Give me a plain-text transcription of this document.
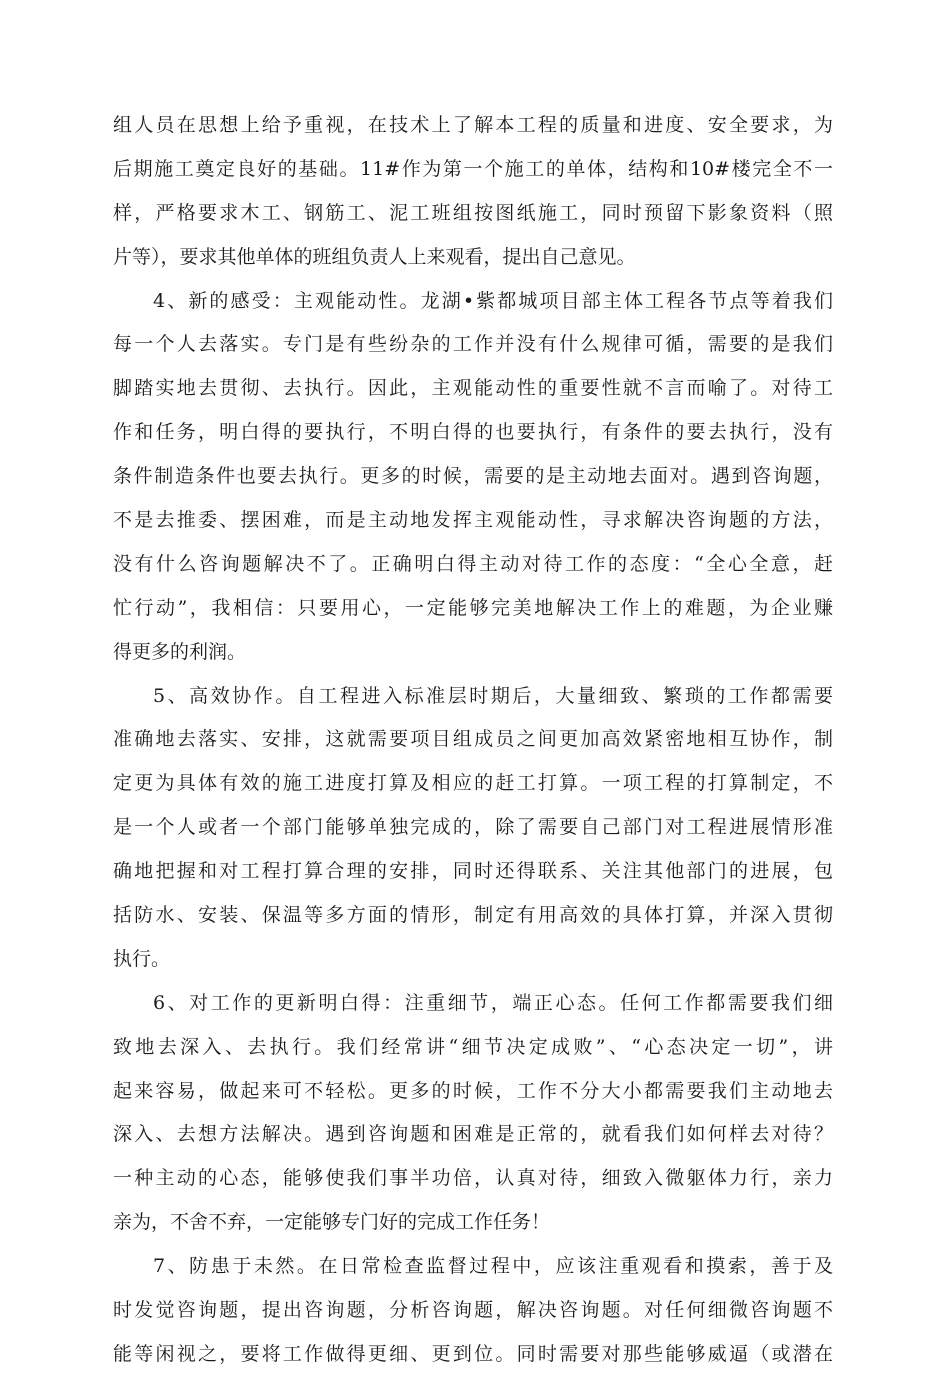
组人员在思想上给予重视，在技术上了解本工程的质量和进度、安全要求，为
后期施工奠定良好的基础。11#作为第一个施工的单体，结构和10#楼完全不一
样，严格要求木工、钢筋工、泥工班组按图纸施工，同时预留下影象资料（照
片等），要求其他单体的班组负责人上来观看，提出自己意见。
4、新的感受：主观能动性。龙湖•紫都城项目部主体工程各节点等着我们
每一个人去落实。专门是有些纷杂的工作并没有什么规律可循，需要的是我们
脚踏实地去贯彻、去执行。因此，主观能动性的重要性就不言而喻了。对待工
作和任务，明白得的要执行，不明白得的也要执行，有条件的要去执行，没有
条件制造条件也要去执行。更多的时候，需要的是主动地去面对。遇到咨询题，
不是去推委、摆困难，而是主动地发挥主观能动性，寻求解决咨询题的方法，
没有什么咨询题解决不了。正确明白得主动对待工作的态度：“全心全意，赶
忙行动”，我相信：只要用心，一定能够完美地解决工作上的难题，为企业赚
得更多的利润。
5、高效协作。自工程进入标准层时期后，大量细致、繁琐的工作都需要
准确地去落实、安排，这就需要项目组成员之间更加高效紧密地相互协作，制
定更为具体有效的施工进度打算及相应的赶工打算。一项工程的打算制定，不
是一个人或者一个部门能够单独完成的，除了需要自己部门对工程进展情形准
确地把握和对工程打算合理的安排，同时还得联系、关注其他部门的进展，包
括防水、安装、保温等多方面的情形，制定有用高效的具体打算，并深入贯彻
执行。
6、对工作的更新明白得：注重细节，端正心态。任何工作都需要我们细
致地去深入、去执行。我们经常讲“细节决定成败”、“心态决定一切”，讲
起来容易，做起来可不轻松。更多的时候，工作不分大小都需要我们主动地去
深入、去想方法解决。遇到咨询题和困难是正常的，就看我们如何样去对待？
一种主动的心态，能够使我们事半功倍，认真对待，细致入微躯体力行，亲力
亲为，不舍不弃，一定能够专门好的完成工作任务！
7、防患于未然。在日常检查监督过程中，应该注重观看和摸索，善于及
时发觉咨询题，提出咨询题，分析咨询题，解决咨询题。对任何细微咨询题不
能等闲视之，要将工作做得更细、更到位。同时需要对那些能够威逼（或潜在
